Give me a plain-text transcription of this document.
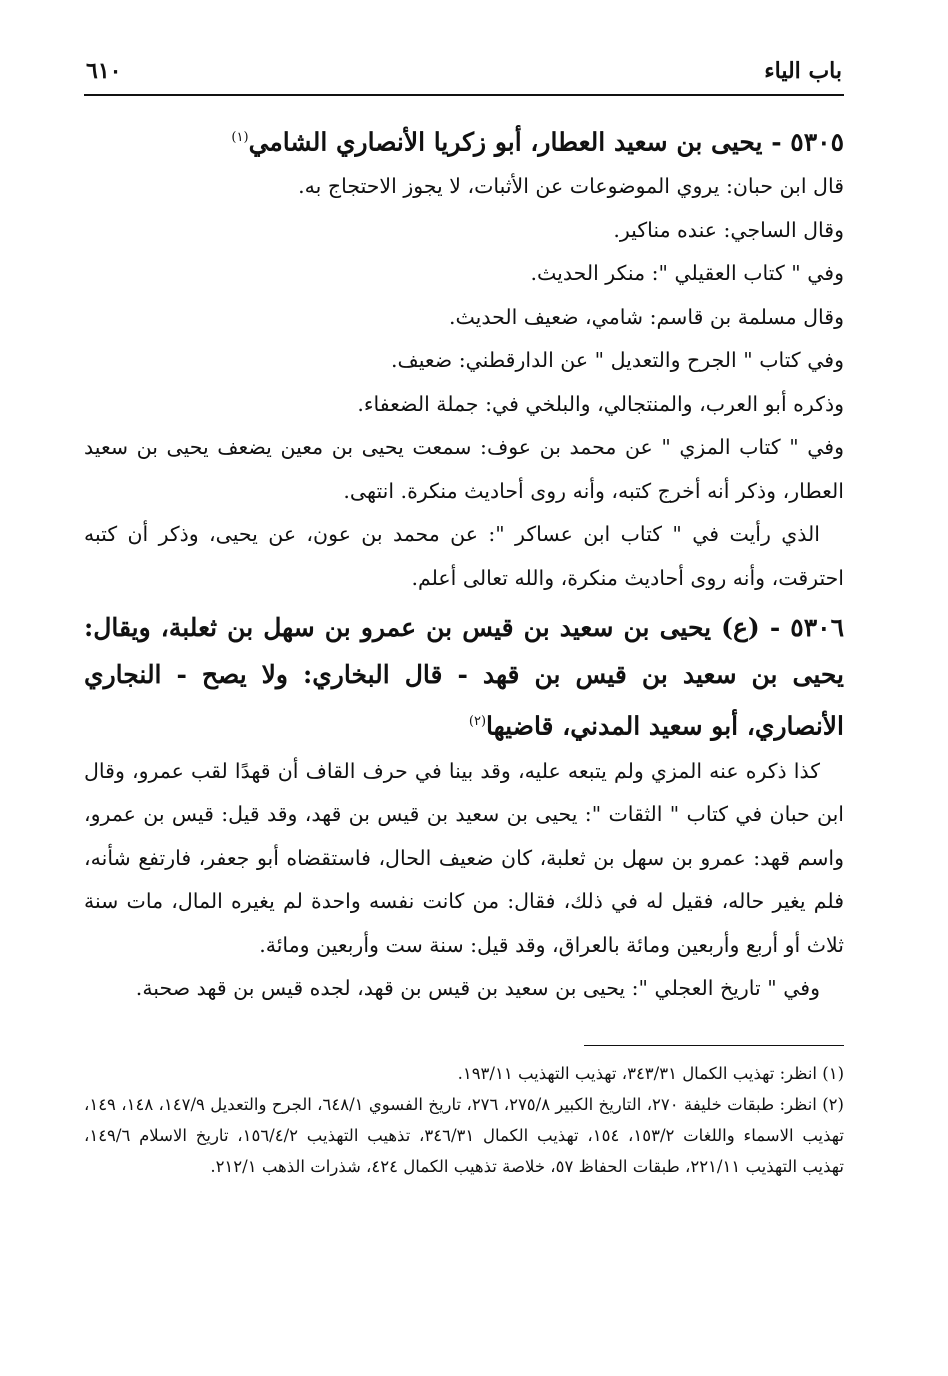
باب الياء
٦١٠

٥٣٠٥ - يحيى بن سعيد العطار، أبو زكريا الأنصاري الشامي$^{(١)}$

قال ابن حبان: يروي الموضوعات عن الأثبات، لا يجوز الاحتجاج به.

وقال الساجي: عنده مناكير.

وفي " كتاب العقيلي ": منكر الحديث.

وقال مسلمة بن قاسم: شامي، ضعيف الحديث.

وفي كتاب " الجرح والتعديل " عن الدارقطني: ضعيف.

وذكره أبو العرب، والمنتجالي، والبلخي في: جملة الضعفاء.

وفي " كتاب المزي " عن محمد بن عوف: سمعت يحيى بن معين يضعف يحيى بن سعيد العطار، وذكر أنه أخرج كتبه، وأنه روى أحاديث منكرة. انتهى.

الذي رأيت في " كتاب ابن عساكر ": عن محمد بن عون، عن يحيى، وذكر أن كتبه احترقت، وأنه روى أحاديث منكرة، والله تعالى أعلم.

٥٣٠٦ - (ع) يحيى بن سعيد بن قيس بن عمرو بن سهل بن ثعلبة، ويقال: يحيى بن سعيد بن قيس بن قهد - قال البخاري: ولا يصح - النجاري الأنصاري، أبو سعيد المدني، قاضيها$^{(٢)}$

كذا ذكره عنه المزي ولم يتبعه عليه، وقد بينا في حرف القاف أن قهدًا لقب عمرو، وقال ابن حبان في كتاب " الثقات ": يحيى بن سعيد بن قيس بن قهد، وقد قيل: قيس بن عمرو، واسم قهد: عمرو بن سهل بن ثعلبة، كان ضعيف الحال، فاستقضاه أبو جعفر، فارتفع شأنه، فلم يغير حاله، فقيل له في ذلك، فقال: من كانت نفسه واحدة لم يغيره المال، مات سنة ثلاث أو أربع وأربعين ومائة بالعراق، وقد قيل: سنة ست وأربعين ومائة.

وفي " تاريخ العجلي ": يحيى بن سعيد بن قيس بن قهد، لجده قيس بن قهد صحبة.

(١) انظر: تهذيب الكمال ٣٤٣/٣١، تهذيب التهذيب ١٩٣/١١.

(٢) انظر: طبقات خليفة ٢٧٠، التاريخ الكبير ٢٧٥/٨، ٢٧٦، تاريخ الفسوي ٦٤٨/١، الجرح والتعديل ١٤٧/٩، ١٤٨، ١٤٩، تهذيب الاسماء واللغات ١٥٣/٢، ١٥٤، تهذيب الكمال ٣٤٦/٣١، تذهيب التهذيب ١٥٦/٤/٢، تاريخ الاسلام ١٤٩/٦، تهذيب التهذيب ٢٢١/١١، طبقات الحفاظ ٥٧، خلاصة تذهيب الكمال ٤٢٤، شذرات الذهب ٢١٢/١.
